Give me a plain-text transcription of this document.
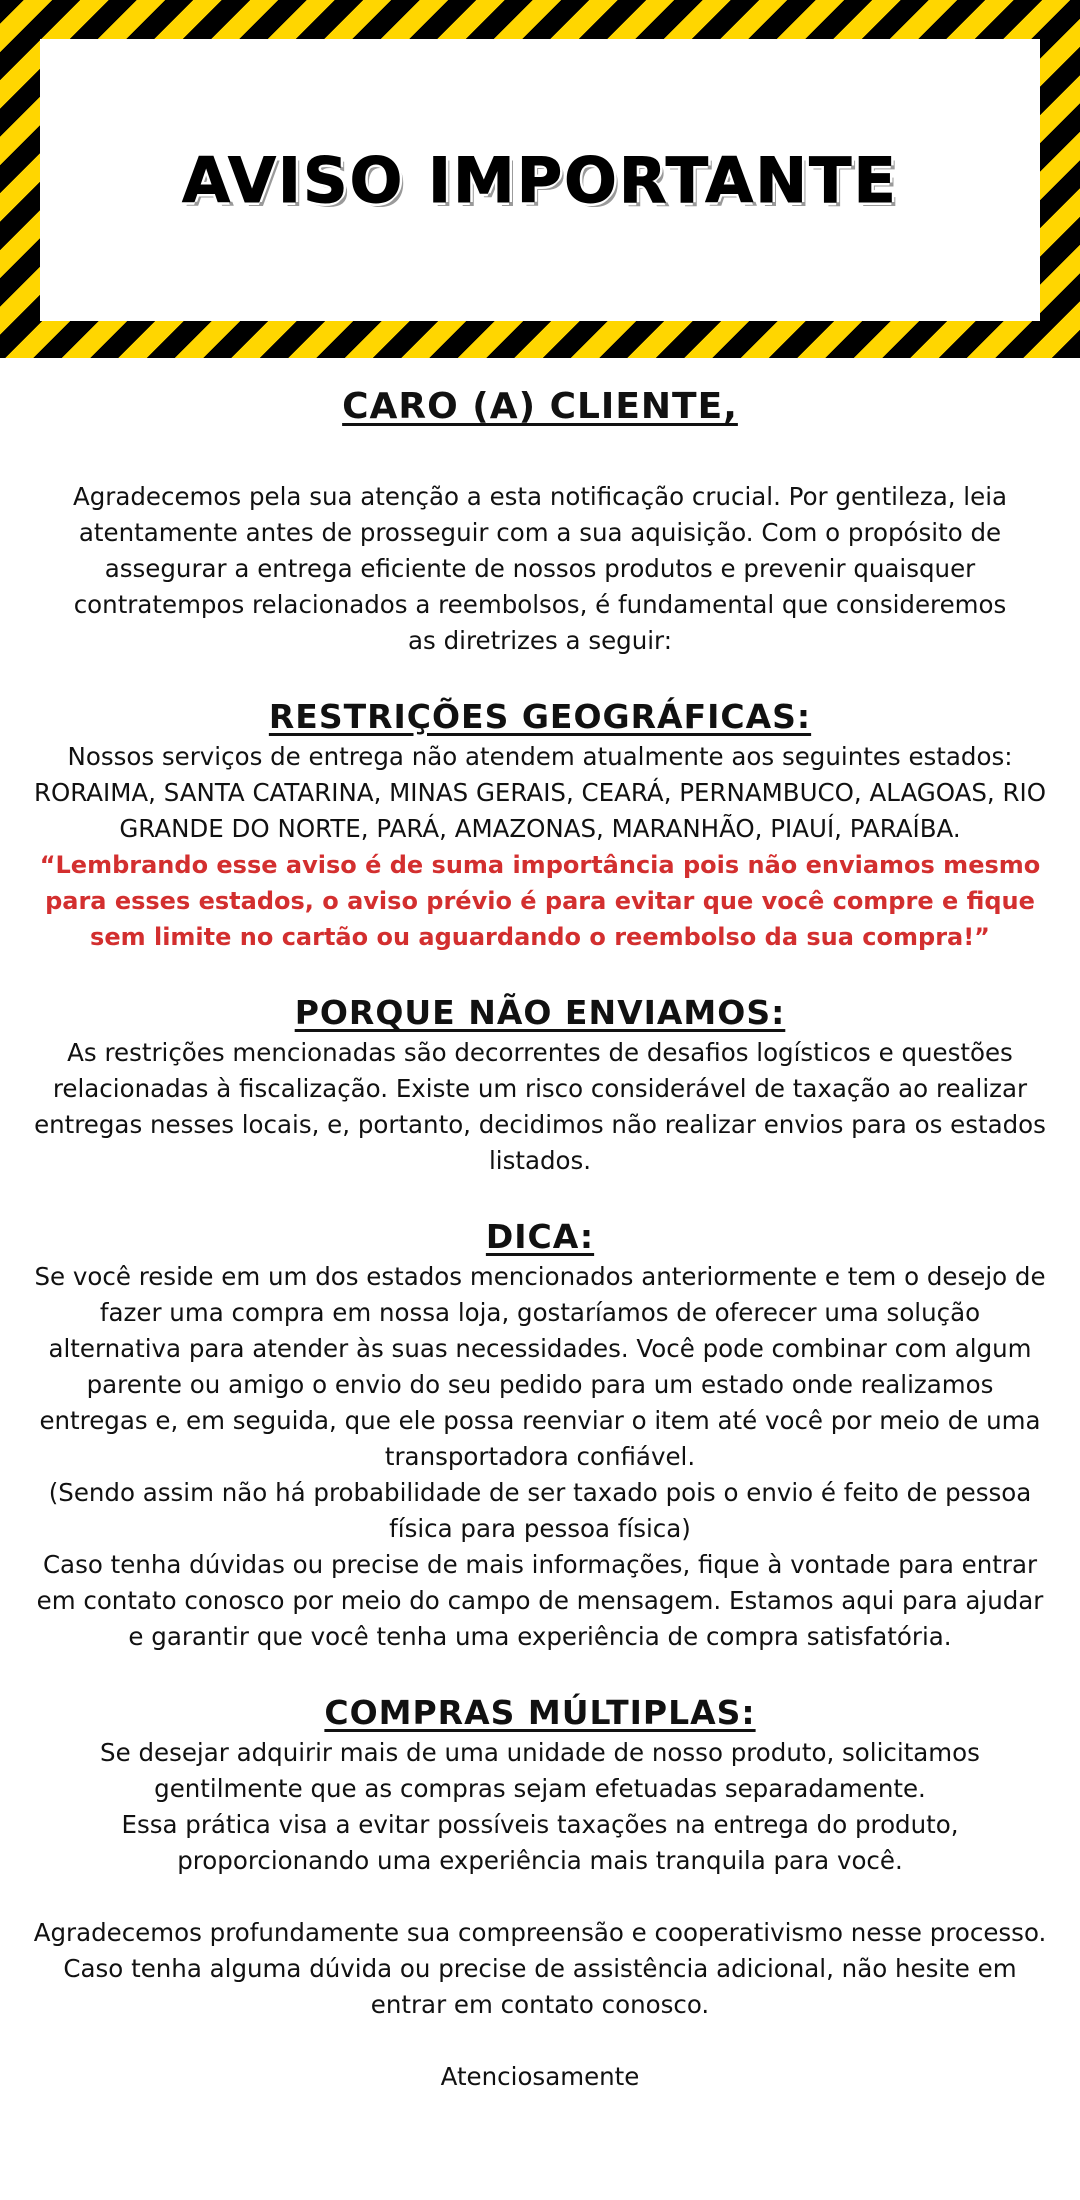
AVISO IMPORTANTE
CARO (A) CLIENTE,

Agradecemos pela sua atenção a esta notificação crucial. Por gentileza, leia atentamente antes de prosseguir com a sua aquisição. Com o propósito de assegurar a entrega eficiente de nossos produtos e prevenir quaisquer contratempos relacionados a reembolsos, é fundamental que consideremos as diretrizes a seguir:

RESTRIÇÕES GEOGRÁFICAS:

Nossos serviços de entrega não atendem atualmente aos seguintes estados: RORAIMA, SANTA CATARINA, MINAS GERAIS, CEARÁ, PERNAMBUCO, ALAGOAS, RIO GRANDE DO NORTE, PARÁ, AMAZONAS, MARANHÃO, PIAUÍ, PARAÍBA.

“Lembrando esse aviso é de suma importância pois não enviamos mesmo para esses estados, o aviso prévio é para evitar que você compre e fique sem limite no cartão ou aguardando o reembolso da sua compra!”

PORQUE NÃO ENVIAMOS:

As restrições mencionadas são decorrentes de desafios logísticos e questões relacionadas à fiscalização. Existe um risco considerável de taxação ao realizar entregas nesses locais, e, portanto, decidimos não realizar envios para os estados listados.

DICA:

Se você reside em um dos estados mencionados anteriormente e tem o desejo de fazer uma compra em nossa loja, gostaríamos de oferecer uma solução alternativa para atender às suas necessidades. Você pode combinar com algum parente ou amigo o envio do seu pedido para um estado onde realizamos entregas e, em seguida, que ele possa reenviar o item até você por meio de uma transportadora confiável.

(Sendo assim não há probabilidade de ser taxado pois o envio é feito de pessoa física para pessoa física)

Caso tenha dúvidas ou precise de mais informações, fique à vontade para entrar em contato conosco por meio do campo de mensagem. Estamos aqui para ajudar e garantir que você tenha uma experiência de compra satisfatória.

COMPRAS MÚLTIPLAS:

Se desejar adquirir mais de uma unidade de nosso produto, solicitamos gentilmente que as compras sejam efetuadas separadamente.

Essa prática visa a evitar possíveis taxações na entrega do produto, proporcionando uma experiência mais tranquila para você.

Agradecemos profundamente sua compreensão e cooperativismo nesse processo. Caso tenha alguma dúvida ou precise de assistência adicional, não hesite em entrar em contato conosco.

Atenciosamente
